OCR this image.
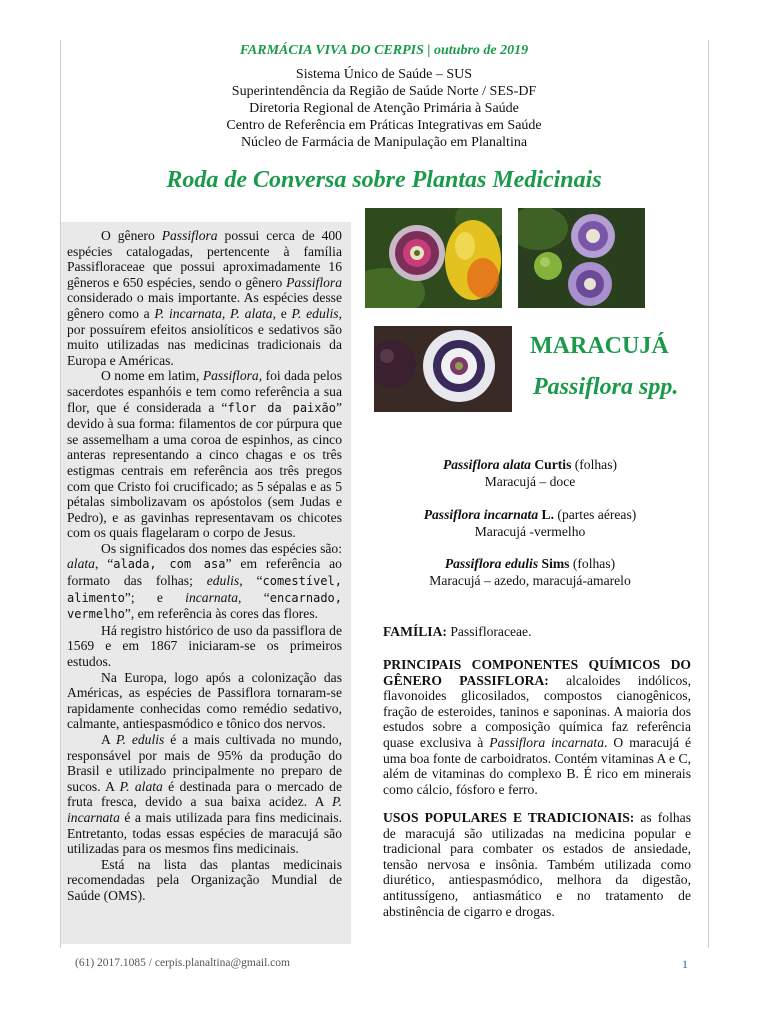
FARMÁCIA VIVA DO CERPIS | outubro de 2019
Sistema Único de Saúde – SUS
Superintendência da Região de Saúde Norte / SES-DF
Diretoria Regional de Atenção Primária à Saúde
Centro de Referência em Práticas Integrativas em Saúde
Núcleo de Farmácia de Manipulação em Planaltina
Roda de Conversa sobre Plantas Medicinais

O gênero Passiflora possui cerca de 400 espécies catalogadas, pertencente à família Passifloraceae que possui aproximadamente 16 gêneros e 650 espécies, sendo o gênero Passiflora considerado o mais importante. As espécies desse gênero como a P. incarnata, P. alata, e P. edulis, por possuírem efeitos ansiolíticos e sedativos são muito utilizadas nas medicinas tradicionais da Europa e Américas.

O nome em latim, Passiflora, foi dada pelos sacerdotes espanhóis e tem como referência a sua flor, que é considerada a “flor da paixão” devido à sua forma: filamentos de cor púrpura que se assemelham a uma coroa de espinhos, as cinco anteras representando a cinco chagas e os três estigmas centrais em referência aos três pregos com que Cristo foi crucificado; as 5 sépalas e as 5 pétalas simbolizavam os apóstolos (sem Judas e Pedro), e as gavinhas representavam os chicotes com os quais flagelaram o corpo de Jesus.

Os significados dos nomes das espécies são: alata, “alada, com asa” em referência ao formato das folhas; edulis, “comestível, alimento”; e incarnata, “encarnado, vermelho”, em referência às cores das flores.

Há registro histórico de uso da passiflora de 1569 e em 1867 iniciaram-se os primeiros estudos.

Na Europa, logo após a colonização das Américas, as espécies de Passiflora tornaram-se rapidamente conhecidas como remédio sedativo, calmante, antiespasmódico e tônico dos nervos.

A P. edulis é a mais cultivada no mundo, responsável por mais de 95% da produção do Brasil e utilizado principalmente no preparo de sucos. A P. alata é destinada para o mercado de fruta fresca, devido a sua baixa acidez. A P. incarnata é a mais utilizada para fins medicinais. Entretanto, todas essas espécies de maracujá são utilizadas para os mesmos fins medicinais.

Está na lista das plantas medicinais recomendadas pela Organização Mundial de Saúde (OMS).

MARACUJÁ
Passiflora spp.
Passiflora alata Curtis (folhas)
Maracujá – doce
Passiflora incarnata L. (partes aéreas)
Maracujá -vermelho
Passiflora edulis Sims (folhas)
Maracujá – azedo, maracujá-amarelo
FAMÍLIA: Passifloraceae.
PRINCIPAIS COMPONENTES QUÍMICOS DO GÊNERO PASSIFLORA: alcaloides indólicos, flavonoides glicosilados, compostos cianogênicos, fração de esteroides, taninos e saponinas. A maioria dos estudos sobre a composição química faz referência quase exclusiva à Passiflora incarnata. O maracujá é uma boa fonte de carboidratos. Contém vitaminas A e C, além de vitaminas do complexo B. É rico em minerais como cálcio, fósforo e ferro.
USOS POPULARES E TRADICIONAIS: as folhas de maracujá são utilizadas na medicina popular e tradicional para combater os estados de ansiedade, tensão nervosa e insônia. Também utilizada como diurético, antiespasmódico, melhora da digestão, antitussígeno, antiasmático e no tratamento de abstinência de cigarro e drogas.
(61) 2017.1085 / cerpis.planaltina@gmail.com	1
